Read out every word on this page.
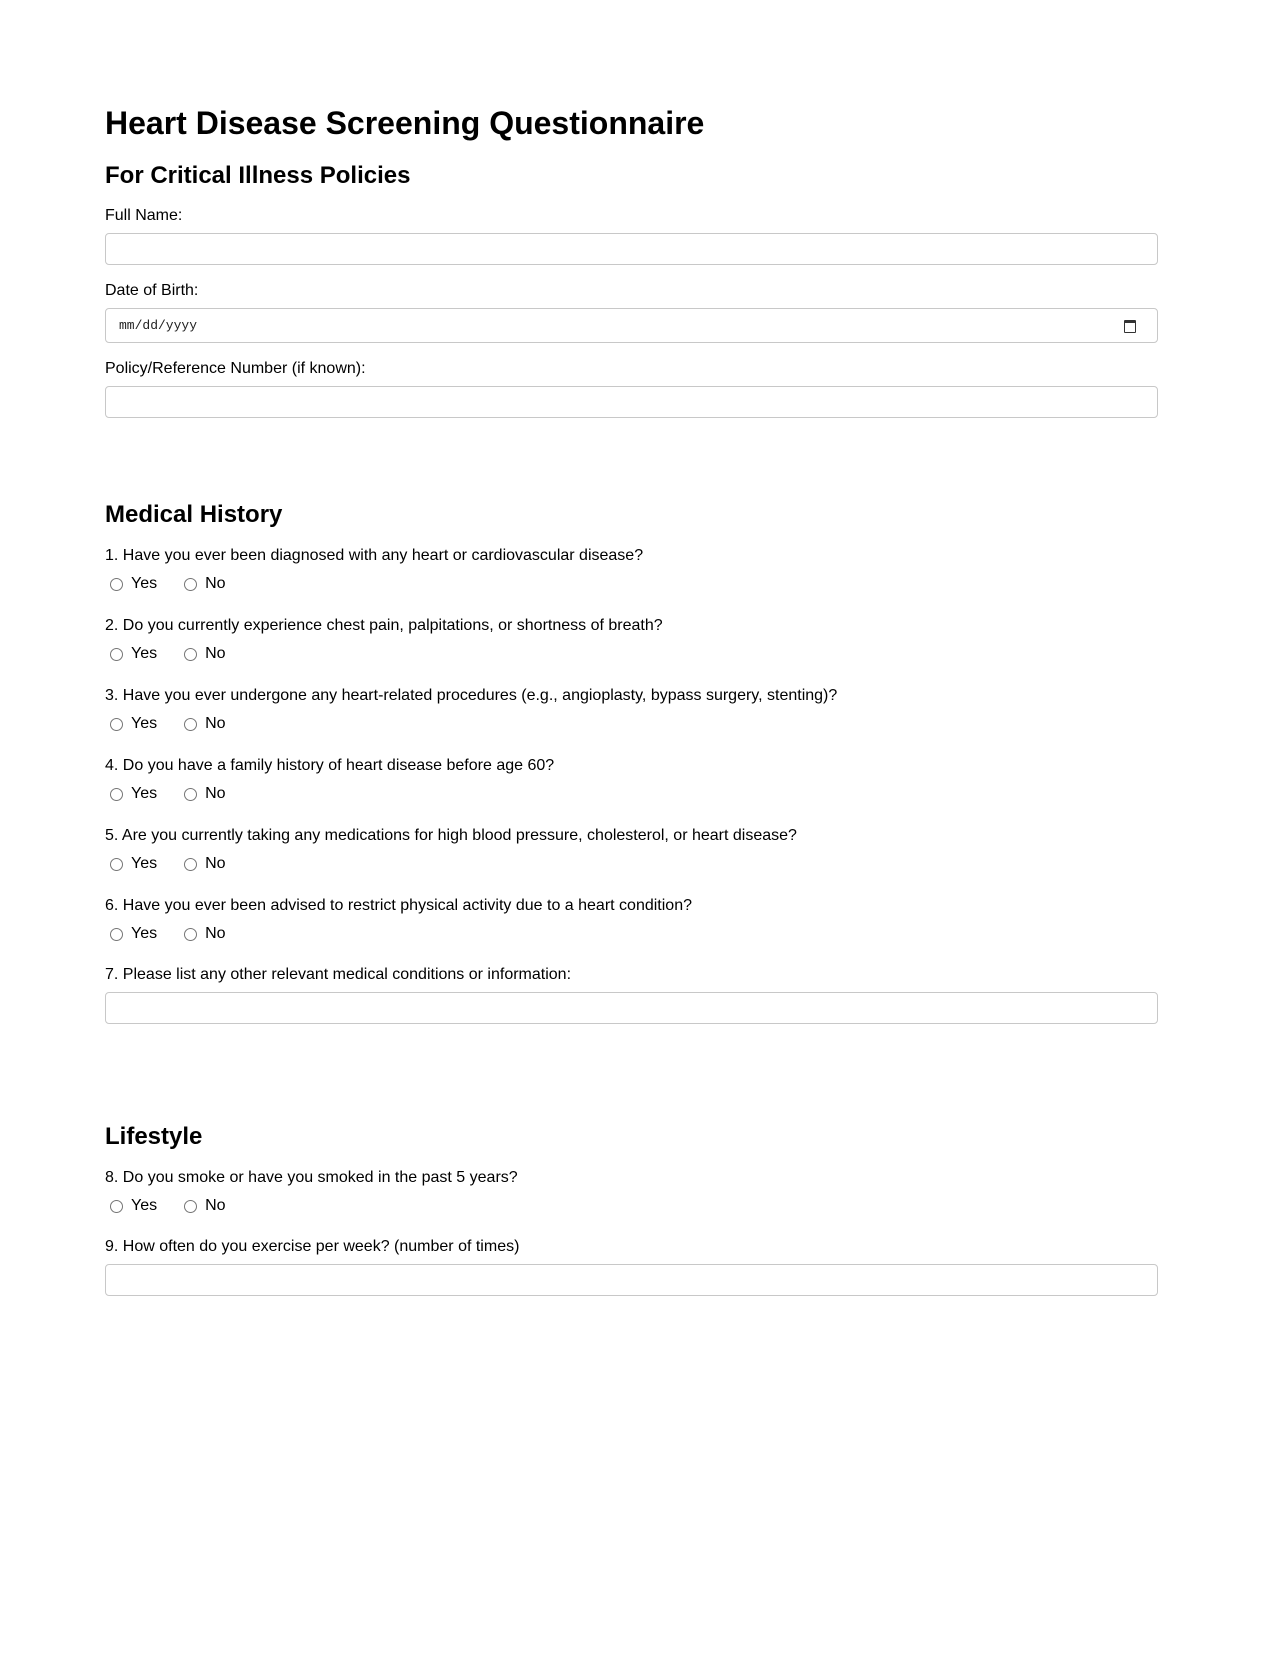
Heart Disease Screening Questionnaire
For Critical Illness Policies
Full Name:
Date of Birth:
mm/dd/yyyy
Policy/Reference Number (if known):
Medical History
1. Have you ever been diagnosed with any heart or cardiovascular disease?
Yes	No
2. Do you currently experience chest pain, palpitations, or shortness of breath?
Yes	No
3. Have you ever undergone any heart-related procedures (e.g., angioplasty, bypass surgery, stenting)?
Yes	No
4. Do you have a family history of heart disease before age 60?
Yes	No
5. Are you currently taking any medications for high blood pressure, cholesterol, or heart disease?
Yes	No
6. Have you ever been advised to restrict physical activity due to a heart condition?
Yes	No
7. Please list any other relevant medical conditions or information:
Lifestyle
8. Do you smoke or have you smoked in the past 5 years?
Yes	No
9. How often do you exercise per week? (number of times)
